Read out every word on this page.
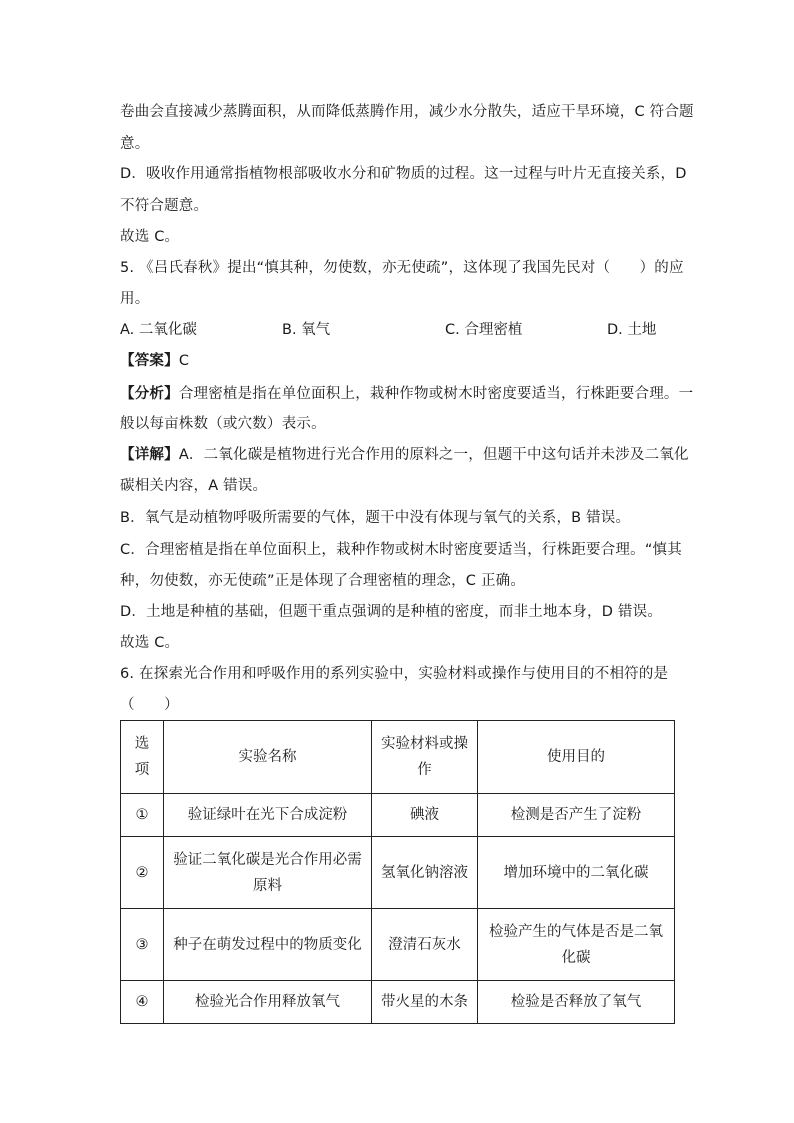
卷曲会直接减少蒸腾面积，从而降低蒸腾作用，减少水分散失，适应干旱环境，C 符合题
意。
D．吸收作用通常指植物根部吸收水分和矿物质的过程。这一过程与叶片无直接关系，D
不符合题意。
故选 C。
5. 《吕氏春秋》提出“慎其种，勿使数，亦无使疏”，这体现了我国先民对（　　）的应
用。
A. 二氧化碳	B. 氧气	C. 合理密植	D. 土地
【答案】C
【分析】合理密植是指在单位面积上，栽种作物或树木时密度要适当，行株距要合理。一
般以每亩株数（或穴数）表示。
【详解】A．二氧化碳是植物进行光合作用的原料之一，但题干中这句话并未涉及二氧化
碳相关内容，A 错误。
B．氧气是动植物呼吸所需要的气体，题干中没有体现与氧气的关系，B 错误。
C．合理密植是指在单位面积上，栽种作物或树木时密度要适当，行株距要合理。“慎其
种，勿使数，亦无使疏”正是体现了合理密植的理念，C 正确。
D．土地是种植的基础，但题干重点强调的是种植的密度，而非土地本身，D 错误。
故选 C。
6. 在探索光合作用和呼吸作用的系列实验中，实验材料或操作与使用目的不相符的是
（　　）
选
项	实验名称	实验材料或操
作	使用目的

①	验证绿叶在光下合成淀粉	碘液	检测是否产生了淀粉
②	验证二氧化碳是光合作用必需
原料	氢氧化钠溶液	增加环境中的二氧化碳
③	种子在萌发过程中的物质变化	澄清石灰水	检验产生的气体是否是二氧
化碳
④	检验光合作用释放氧气	带火星的木条	检验是否释放了氧气
